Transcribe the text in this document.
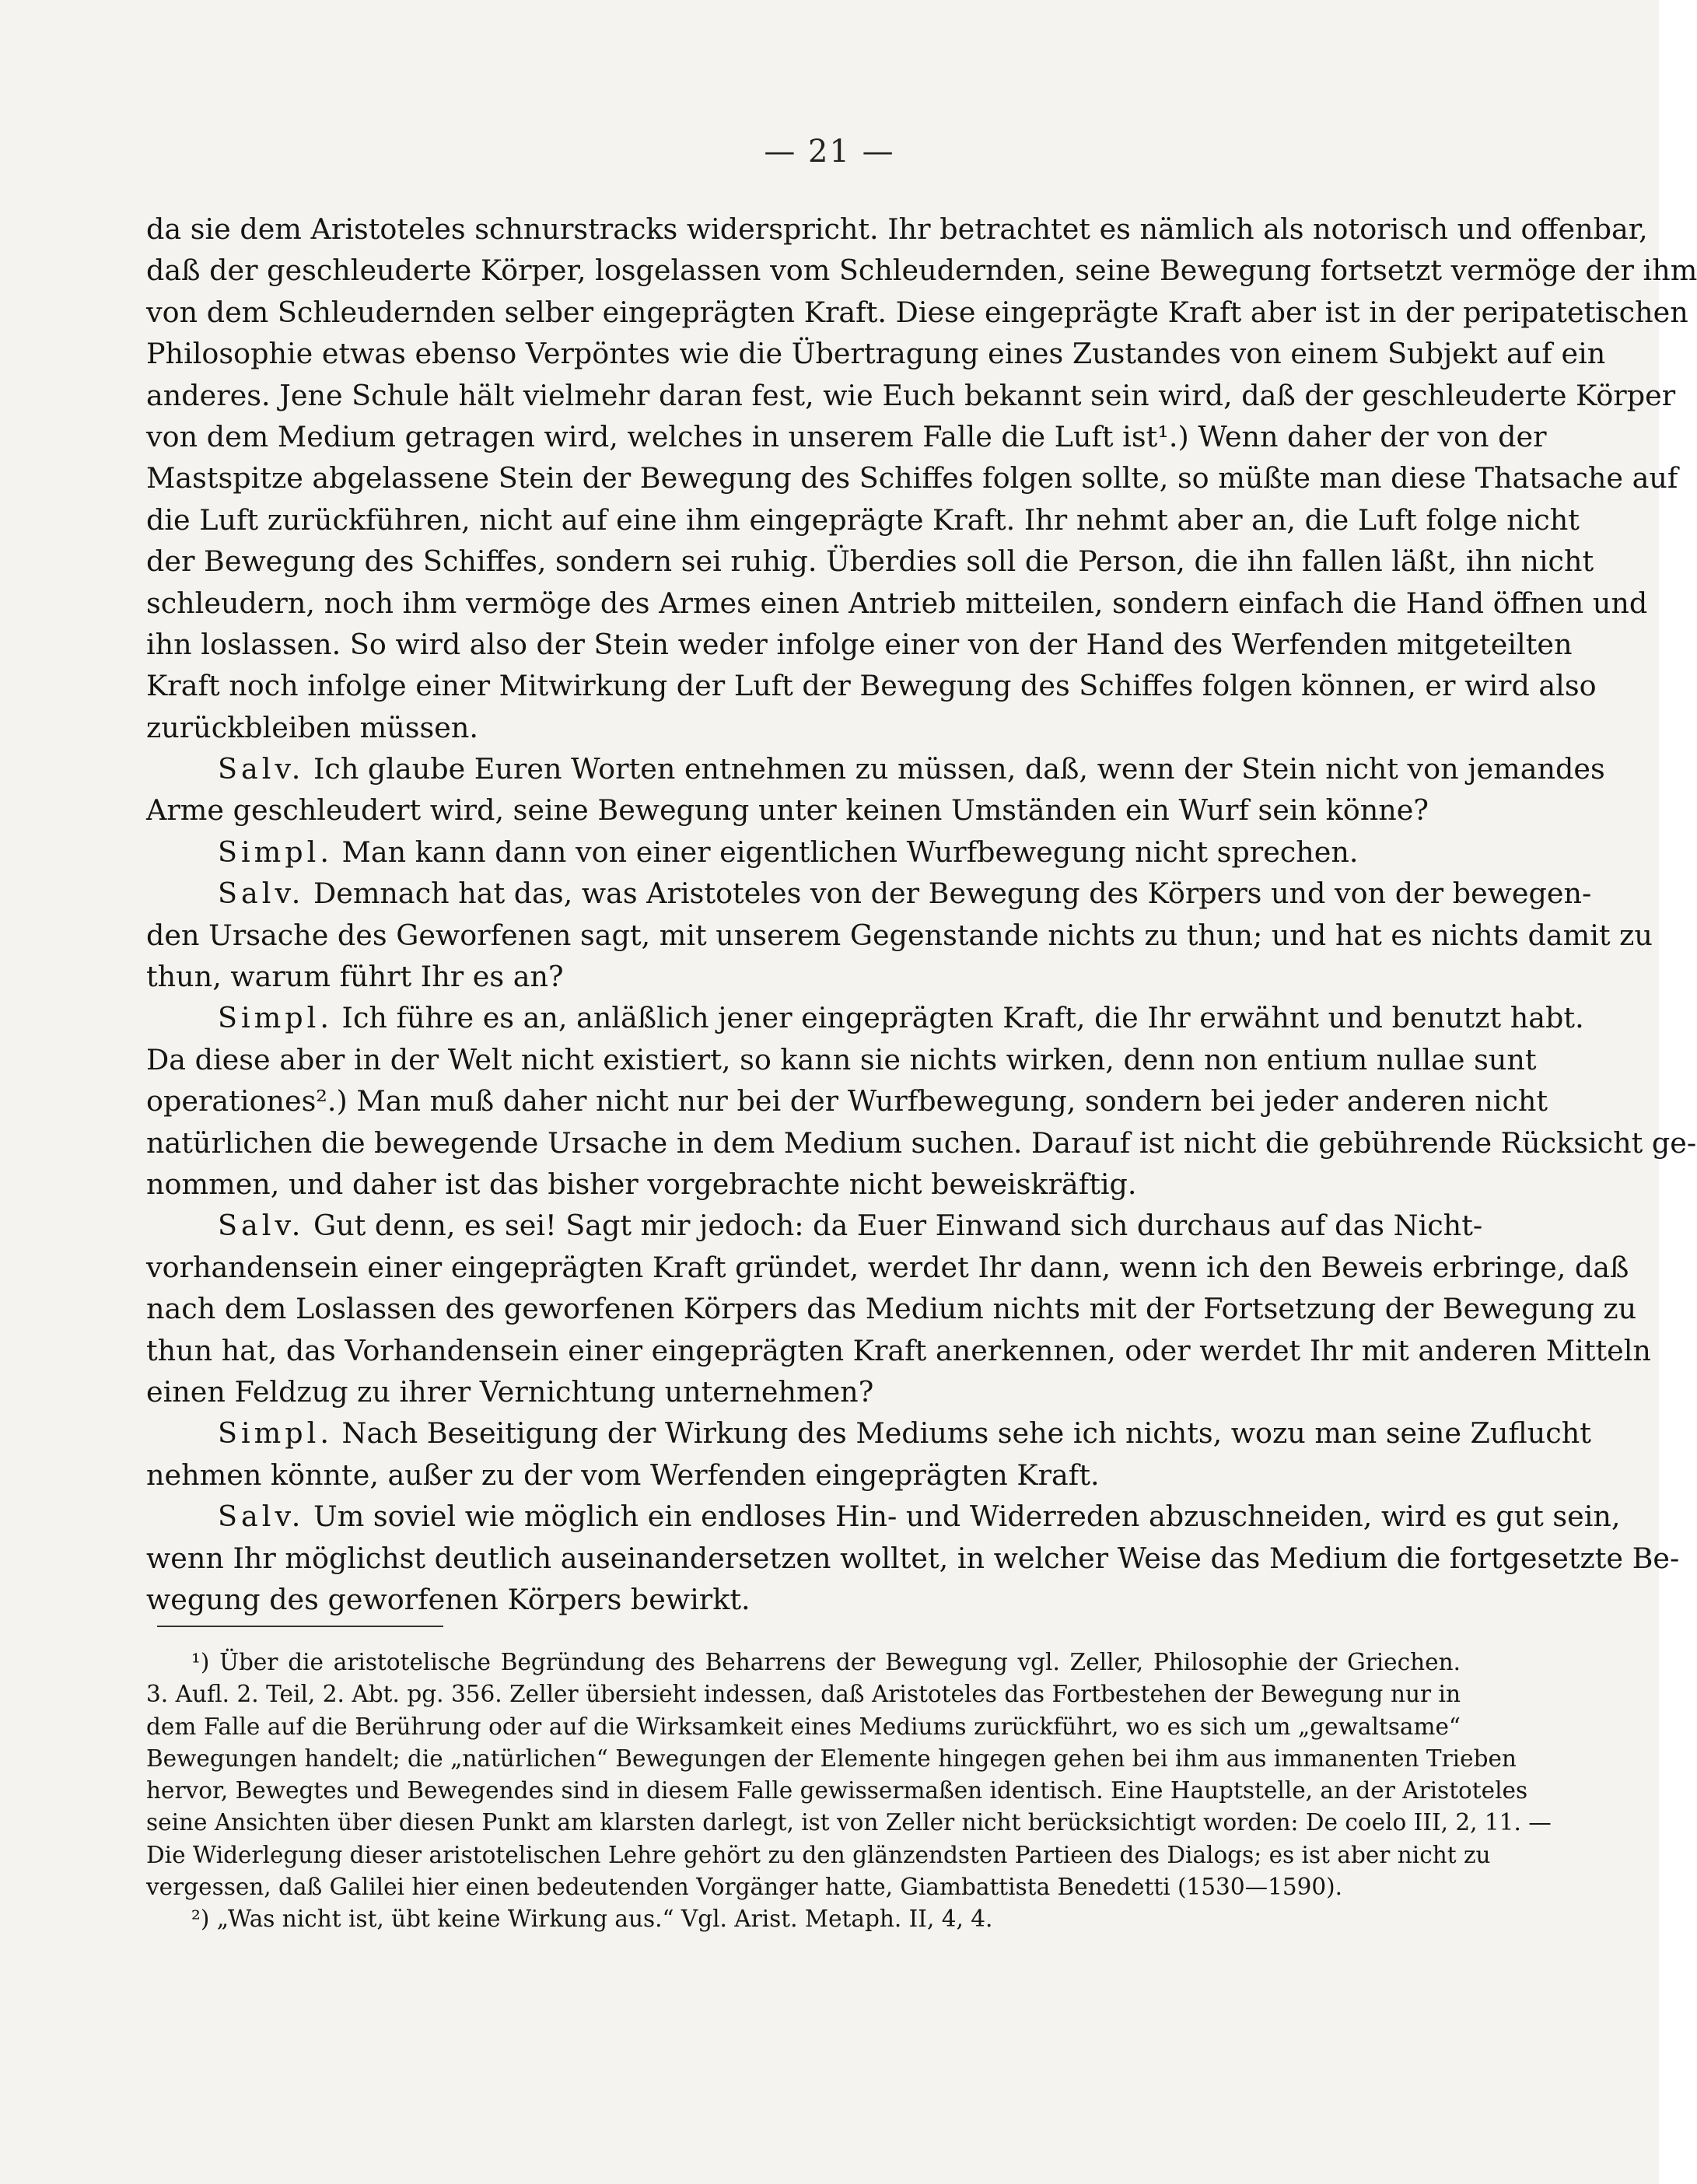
— 21 —
da sie dem Aristoteles schnurstracks widerspricht. Ihr betrachtet es nämlich als notorisch und offenbar,
daß der geschleuderte Körper, losgelassen vom Schleudernden, seine Bewegung fortsetzt vermöge der ihm
von dem Schleudernden selber eingeprägten Kraft. Diese eingeprägte Kraft aber ist in der peripatetischen
Philosophie etwas ebenso Verpöntes wie die Übertragung eines Zustandes von einem Subjekt auf ein
anderes. Jene Schule hält vielmehr daran fest, wie Euch bekannt sein wird, daß der geschleuderte Körper
von dem Medium getragen wird, welches in unserem Falle die Luft ist¹.) Wenn daher der von der
Mastspitze abgelassene Stein der Bewegung des Schiffes folgen sollte, so müßte man diese Thatsache auf
die Luft zurückführen, nicht auf eine ihm eingeprägte Kraft. Ihr nehmt aber an, die Luft folge nicht
der Bewegung des Schiffes, sondern sei ruhig. Überdies soll die Person, die ihn fallen läßt, ihn nicht
schleudern, noch ihm vermöge des Armes einen Antrieb mitteilen, sondern einfach die Hand öffnen und
ihn loslassen. So wird also der Stein weder infolge einer von der Hand des Werfenden mitgeteilten
Kraft noch infolge einer Mitwirkung der Luft der Bewegung des Schiffes folgen können, er wird also
zurückbleiben müssen.
Salv. Ich glaube Euren Worten entnehmen zu müssen, daß, wenn der Stein nicht von jemandes
Arme geschleudert wird, seine Bewegung unter keinen Umständen ein Wurf sein könne?
Simpl. Man kann dann von einer eigentlichen Wurfbewegung nicht sprechen.
Salv. Demnach hat das, was Aristoteles von der Bewegung des Körpers und von der bewegen-
den Ursache des Geworfenen sagt, mit unserem Gegenstande nichts zu thun; und hat es nichts damit zu
thun, warum führt Ihr es an?
Simpl. Ich führe es an, anläßlich jener eingeprägten Kraft, die Ihr erwähnt und benutzt habt.
Da diese aber in der Welt nicht existiert, so kann sie nichts wirken, denn non entium nullae sunt
operationes².) Man muß daher nicht nur bei der Wurfbewegung, sondern bei jeder anderen nicht
natürlichen die bewegende Ursache in dem Medium suchen. Darauf ist nicht die gebührende Rücksicht ge-
nommen, und daher ist das bisher vorgebrachte nicht beweiskräftig.
Salv. Gut denn, es sei! Sagt mir jedoch: da Euer Einwand sich durchaus auf das Nicht-
vorhandensein einer eingeprägten Kraft gründet, werdet Ihr dann, wenn ich den Beweis erbringe, daß
nach dem Loslassen des geworfenen Körpers das Medium nichts mit der Fortsetzung der Bewegung zu
thun hat, das Vorhandensein einer eingeprägten Kraft anerkennen, oder werdet Ihr mit anderen Mitteln
einen Feldzug zu ihrer Vernichtung unternehmen?
Simpl. Nach Beseitigung der Wirkung des Mediums sehe ich nichts, wozu man seine Zuflucht
nehmen könnte, außer zu der vom Werfenden eingeprägten Kraft.
Salv. Um soviel wie möglich ein endloses Hin- und Widerreden abzuschneiden, wird es gut sein,
wenn Ihr möglichst deutlich auseinandersetzen wolltet, in welcher Weise das Medium die fortgesetzte Be-
wegung des geworfenen Körpers bewirkt.
¹) Über die aristotelische Begründung des Beharrens der Bewegung vgl. Zeller, Philosophie der Griechen.
3. Aufl. 2. Teil, 2. Abt. pg. 356. Zeller übersieht indessen, daß Aristoteles das Fortbestehen der Bewegung nur in
dem Falle auf die Berührung oder auf die Wirksamkeit eines Mediums zurückführt, wo es sich um „gewaltsame“
Bewegungen handelt; die „natürlichen“ Bewegungen der Elemente hingegen gehen bei ihm aus immanenten Trieben
hervor, Bewegtes und Bewegendes sind in diesem Falle gewissermaßen identisch. Eine Hauptstelle, an der Aristoteles
seine Ansichten über diesen Punkt am klarsten darlegt, ist von Zeller nicht berücksichtigt worden: De coelo III, 2, 11. —
Die Widerlegung dieser aristotelischen Lehre gehört zu den glänzendsten Partieen des Dialogs; es ist aber nicht zu
vergessen, daß Galilei hier einen bedeutenden Vorgänger hatte, Giambattista Benedetti (1530—1590).
²) „Was nicht ist, übt keine Wirkung aus.“ Vgl. Arist. Metaph. II, 4, 4.
